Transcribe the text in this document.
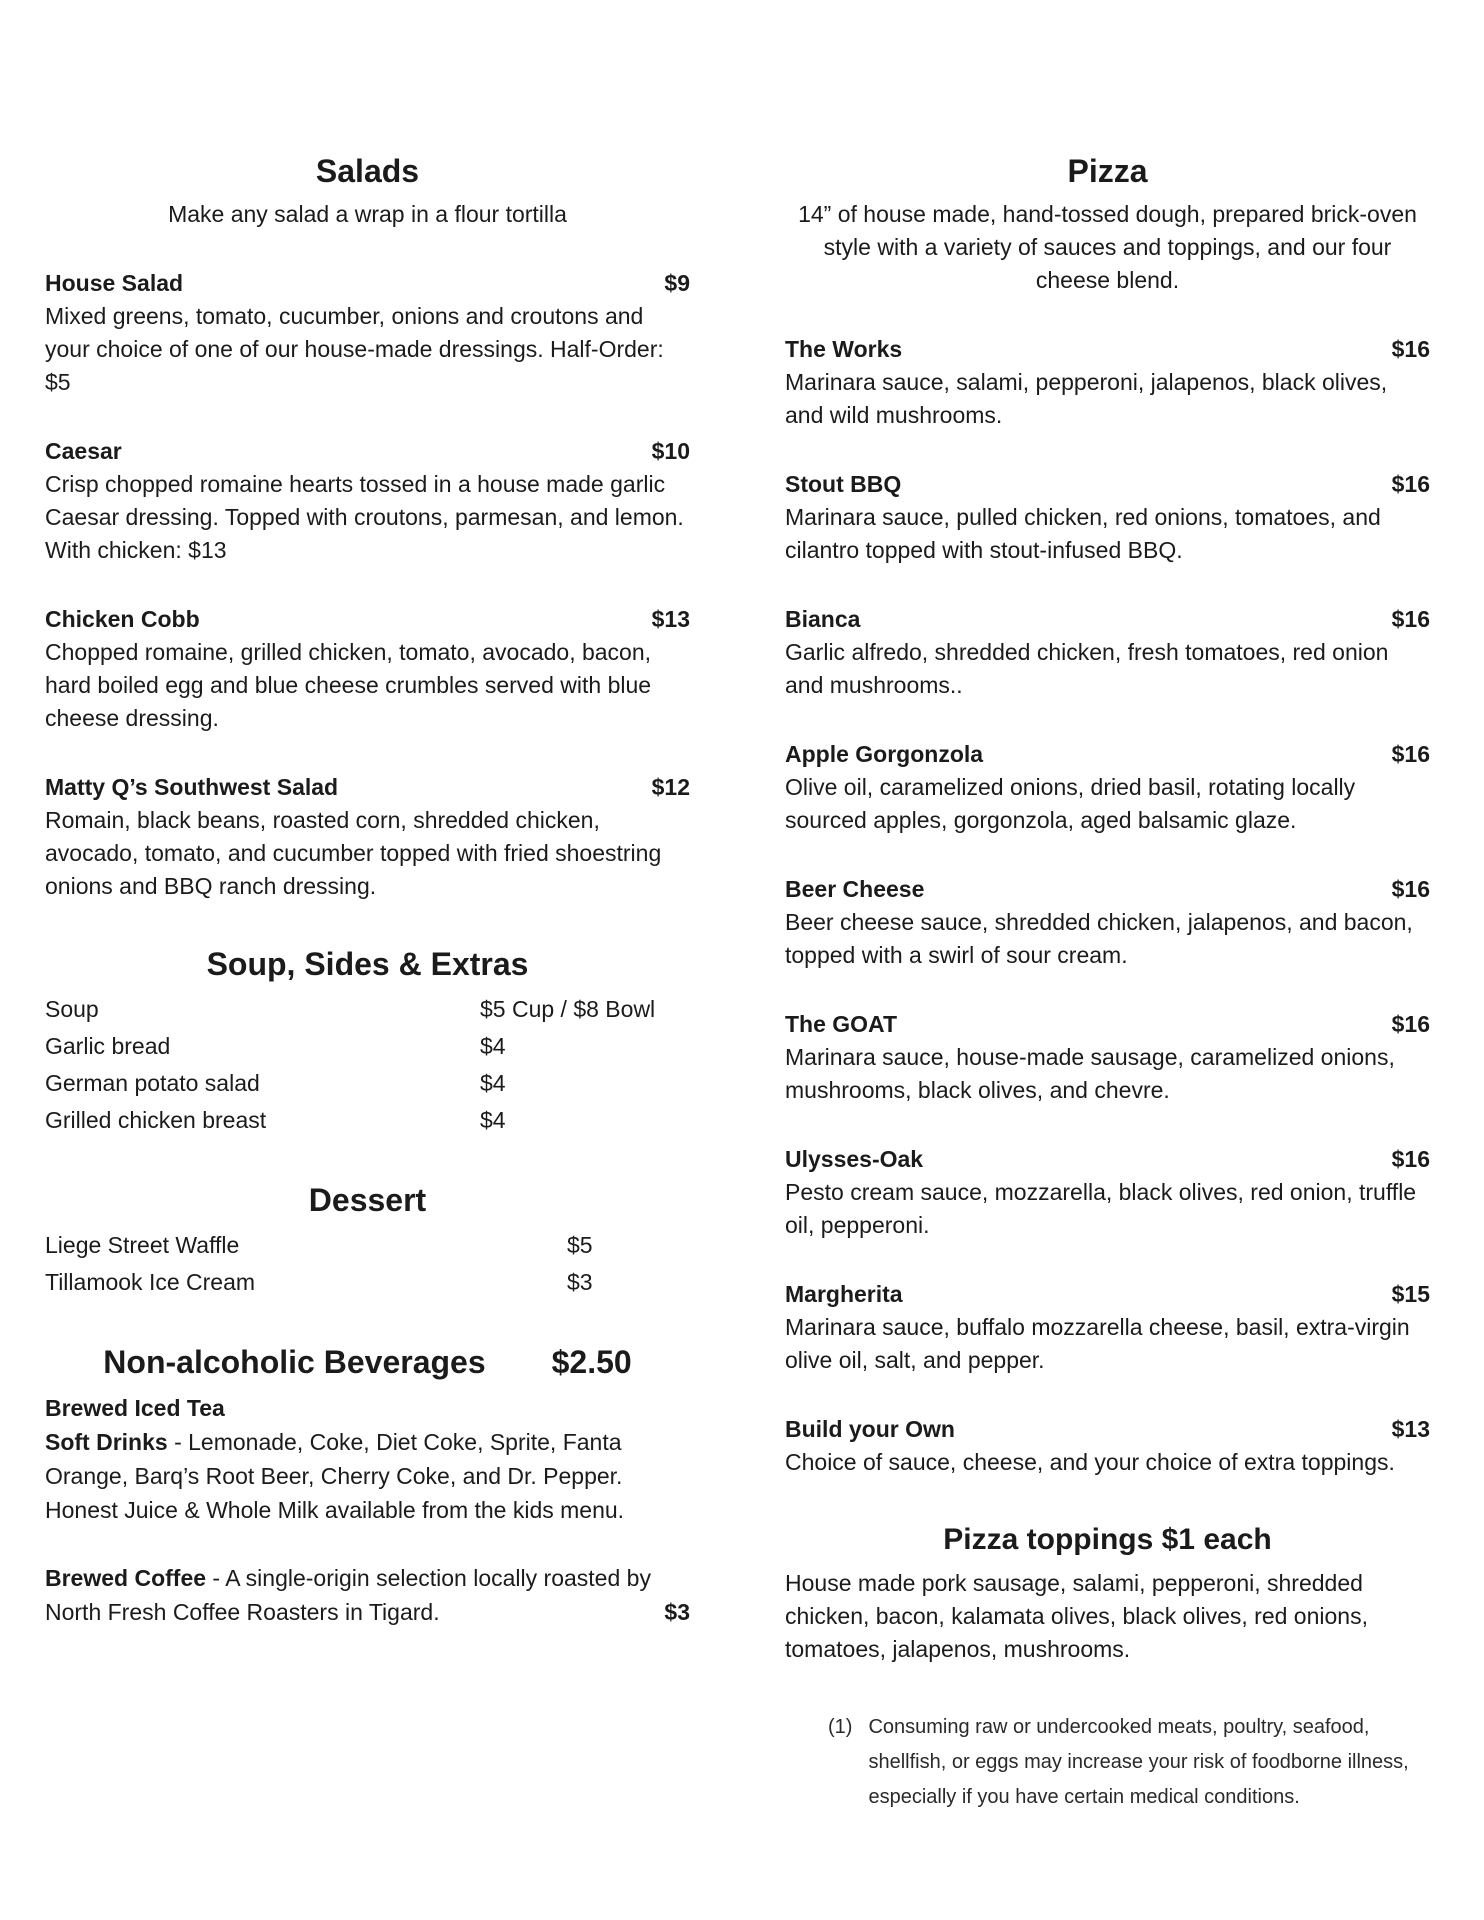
Salads
Make any salad a wrap in a flour tortilla
House Salad	$9
Mixed greens, tomato, cucumber, onions and croutons and your choice of one of our house-made dressings. Half-Order: $5
Caesar	$10
Crisp chopped romaine hearts tossed in a house made garlic Caesar dressing. Topped with croutons, parmesan, and lemon. With chicken: $13
Chicken Cobb	$13
Chopped romaine, grilled chicken, tomato, avocado, bacon, hard boiled egg and blue cheese crumbles served with blue cheese dressing.
Matty Q’s Southwest Salad	$12
Romain, black beans, roasted corn, shredded chicken, avocado, tomato, and cucumber topped with fried shoestring onions and BBQ ranch dressing.
Soup, Sides & Extras
Soup	$5 Cup / $8 Bowl
Garlic bread	$4
German potato salad	$4
Grilled chicken breast	$4
Dessert
Liege Street Waffle	$5
Tillamook Ice Cream	$3
Non-alcoholic Beverages $2.50

Brewed Iced Tea

Soft Drinks - Lemonade, Coke, Diet Coke, Sprite, Fanta Orange, Barq’s Root Beer, Cherry Coke, and Dr. Pepper.

Honest Juice & Whole Milk available from the kids menu.

Brewed Coffee - A single-origin selection locally roasted by North Fresh Coffee Roasters in Tigard.	$3

Pizza
14” of house made, hand-tossed dough, prepared brick-oven style with a variety of sauces and toppings, and our four cheese blend.
The Works	$16
Marinara sauce, salami, pepperoni, jalapenos, black olives, and wild mushrooms.
Stout BBQ	$16
Marinara sauce, pulled chicken, red onions, tomatoes, and cilantro topped with stout-infused BBQ.
Bianca	$16
Garlic alfredo, shredded chicken, fresh tomatoes, red onion and mushrooms..
Apple Gorgonzola	$16
Olive oil, caramelized onions, dried basil, rotating locally sourced apples, gorgonzola, aged balsamic glaze.
Beer Cheese	$16
Beer cheese sauce, shredded chicken, jalapenos, and bacon, topped with a swirl of sour cream.
The GOAT	$16
Marinara sauce, house-made sausage, caramelized onions, mushrooms, black olives, and chevre.
Ulysses-Oak	$16
Pesto cream sauce, mozzarella, black olives, red onion, truffle oil, pepperoni.
Margherita	$15
Marinara sauce, buffalo mozzarella cheese, basil, extra-virgin olive oil, salt, and pepper.
Build your Own	$13
Choice of sauce, cheese, and your choice of extra toppings.
Pizza toppings $1 each
House made pork sausage, salami, pepperoni, shredded chicken, bacon, kalamata olives, black olives, red onions, tomatoes, jalapenos, mushrooms.
(1) Consuming raw or undercooked meats, poultry, seafood, shellfish, or eggs may increase your risk of foodborne illness, especially if you have certain medical conditions.
